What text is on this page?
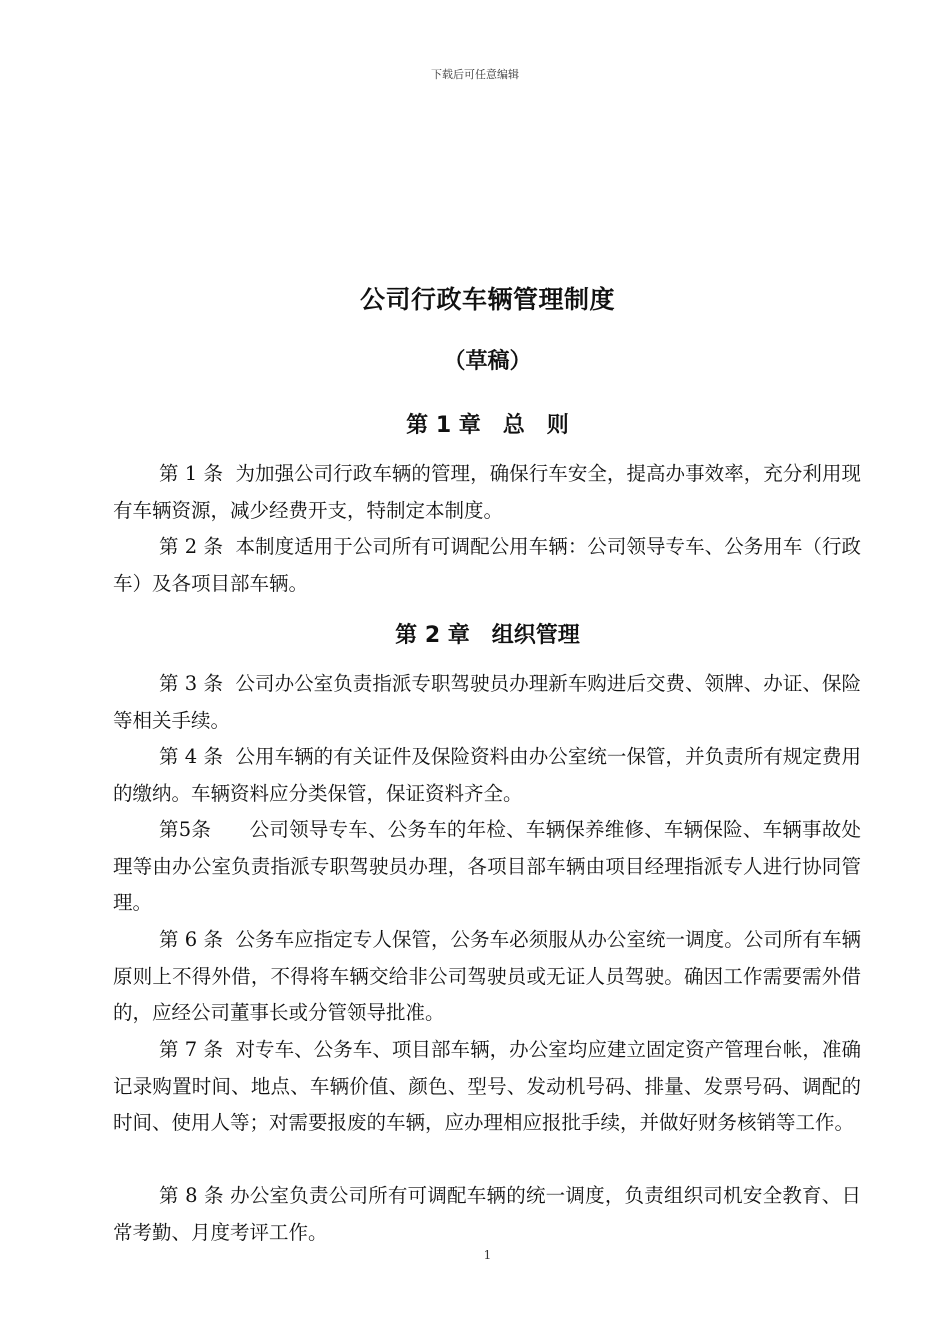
下载后可任意编辑
公司行政车辆管理制度
（草稿）
第 1 章　总　则
第 1 条  为加强公司行政车辆的管理，确保行车安全，提高办事效率，充分利用现有车辆资源，减少经费开支，特制定本制度。
第 2 条  本制度适用于公司所有可调配公用车辆：公司领导专车、公务用车（行政车）及各项目部车辆。
第 2 章　组织管理
第 3 条  公司办公室负责指派专职驾驶员办理新车购进后交费、领牌、办证、保险等相关手续。
第 4 条  公用车辆的有关证件及保险资料由办公室统一保管，并负责所有规定费用的缴纳。车辆资料应分类保管，保证资料齐全。
第5条      公司领导专车、公务车的年检、车辆保养维修、车辆保险、车辆事故处理等由办公室负责指派专职驾驶员办理，各项目部车辆由项目经理指派专人进行协同管理。
第 6 条  公务车应指定专人保管，公务车必须服从办公室统一调度。公司所有车辆原则上不得外借，不得将车辆交给非公司驾驶员或无证人员驾驶。确因工作需要需外借的，应经公司董事长或分管领导批准。
第 7 条  对专车、公务车、项目部车辆，办公室均应建立固定资产管理台帐，准确记录购置时间、地点、车辆价值、颜色、型号、发动机号码、排量、发票号码、调配的时间、使用人等；对需要报废的车辆，应办理相应报批手续，并做好财务核销等工作。
第 8 条 办公室负责公司所有可调配车辆的统一调度，负责组织司机安全教育、日常考勤、月度考评工作。
1
